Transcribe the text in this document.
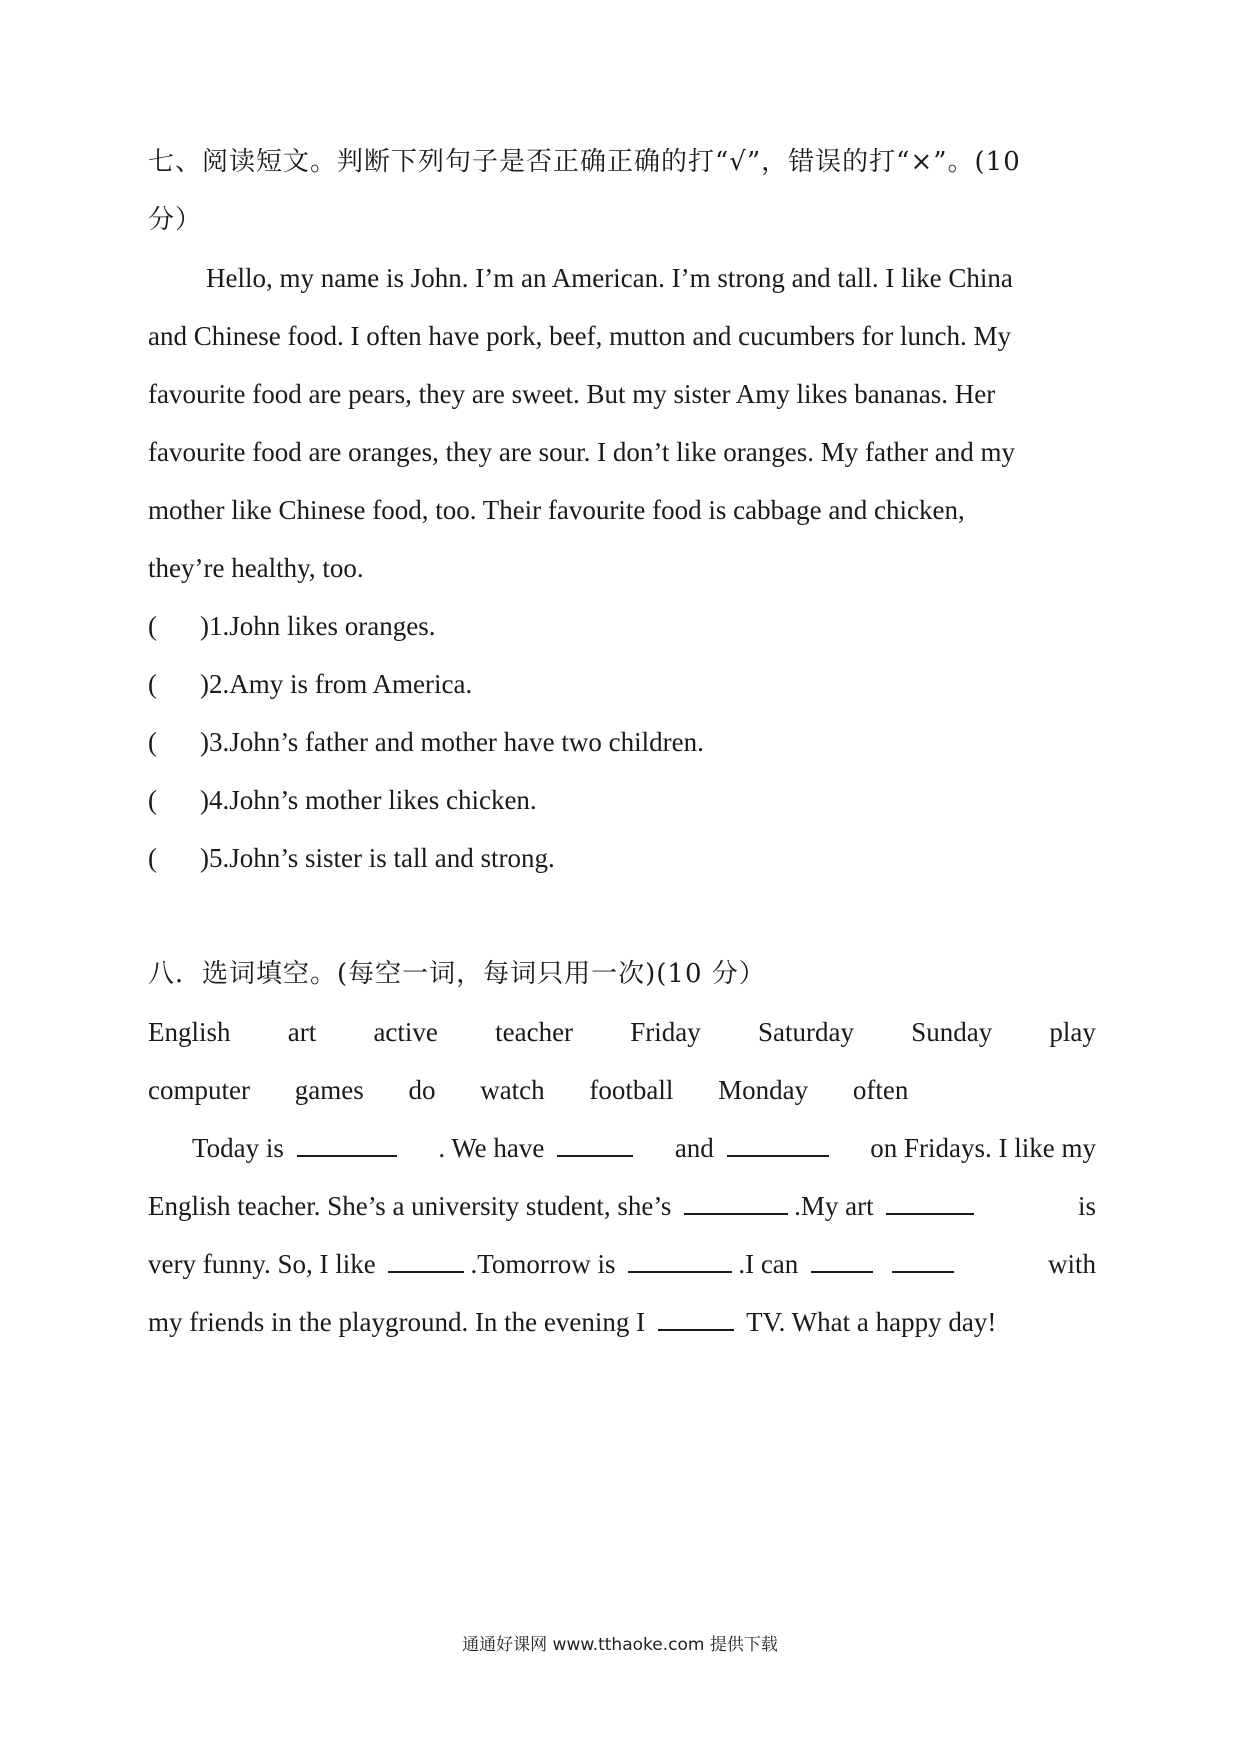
七、阅读短文。判断下列句子是否正确正确的打“√”，错误的打“×”。(10
分）
Hello, my name is John. I’m an American. I’m strong and tall. I like China
and Chinese food. I often have pork, beef, mutton and cucumbers for lunch. My
favourite food are pears, they are sweet. But my sister Amy likes bananas. Her
favourite food are oranges, they are sour. I don’t like oranges. My father and my
mother like Chinese food, too. Their favourite food is cabbage and chicken,
they’re healthy, too.
( )1.John likes oranges.
( )2.Amy is from America.
( )3.John’s father and mother have two children.
( )4.John’s mother likes chicken.
( )5.John’s sister is tall and strong.
八．选词填空。(每空一词，每词只用一次)(10 分）
English art active teacher Friday Saturday Sunday play
computer games do watch football Monday often
Today is	. We have	and	on Fridays. I like my
English teacher. She’s a university student, she’s	.My art	is
very funny. So, I like	.Tomorrow is	.I can	with
my friends in the playground. In the evening I	TV. What a happy day!
通通好课网 www.tthaoke.com 提供下载
